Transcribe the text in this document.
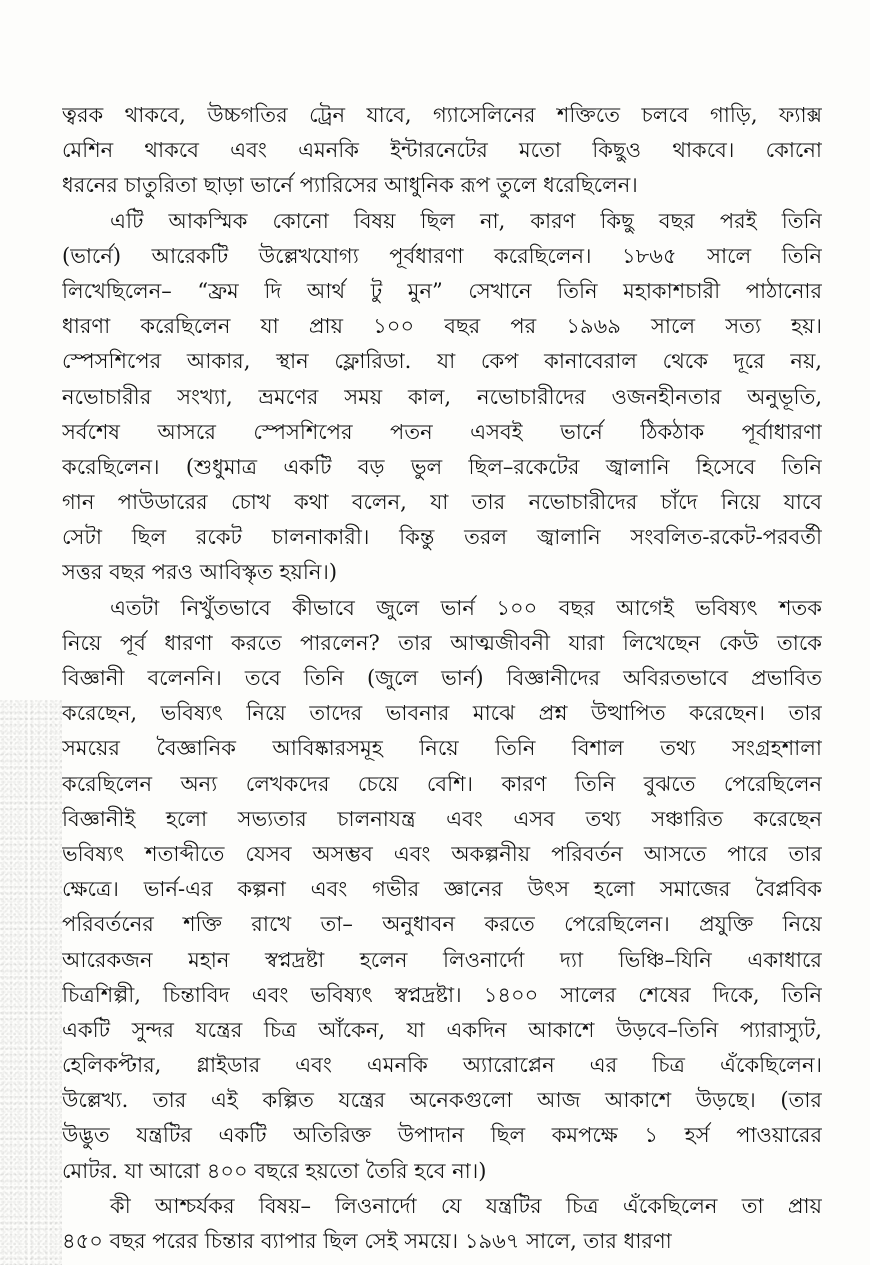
ত্বরক থাকবে, উচ্চগতির ট্রেন যাবে, গ্যাসেলিনের শক্তিতে চলবে গাড়ি, ফ্যাক্স
মেশিন থাকবে এবং এমনকি ইন্টারনেটের মতো কিছুও থাকবে। কোনো
ধরনের চাতুরিতা ছাড়া ভার্নে প্যারিসের আধুনিক রূপ তুলে ধরেছিলেন।
এটি আকস্মিক কোনো বিষয় ছিল না, কারণ কিছু বছর পরই তিনি
(ভার্নে) আরেকটি উল্লেখযোগ্য পূর্বধারণা করেছিলেন। ১৮৬৫ সালে তিনি
লিখেছিলেন– “ফ্রম দি আর্থ টু মুন” সেখানে তিনি মহাকাশচারী পাঠানোর
ধারণা করেছিলেন যা প্রায় ১০০ বছর পর ১৯৬৯ সালে সত্য হয়।
স্পেসশিপের আকার, স্থান ফ্লোরিডা. যা কেপ কানাবেরাল থেকে দূরে নয়,
নভোচারীর সংখ্যা, ভ্রমণের সময় কাল, নভোচারীদের ওজনহীনতার অনুভূতি,
সর্বশেষ আসরে স্পেসশিপের পতন এসবই ভার্নে ঠিকঠাক পূর্বাধারণা
করেছিলেন। (শুধুমাত্র একটি বড় ভুল ছিল–রকেটের জ্বালানি হিসেবে তিনি
গান পাউডারের চোখ কথা বলেন, যা তার নভোচারীদের চাঁদে নিয়ে যাবে
সেটা ছিল রকেট চালনাকারী। কিন্তু তরল জ্বালানি সংবলিত-রকেট-পরবর্তী
সত্তর বছর পরও আবিস্কৃত হয়নি।)
এতটা নিখুঁতভাবে কীভাবে জুলে ভার্ন ১০০ বছর আগেই ভবিষ্যৎ শতক
নিয়ে পূর্ব ধারণা করতে পারলেন? তার আত্মজীবনী যারা লিখেছেন কেউ তাকে
বিজ্ঞানী বলেননি। তবে তিনি (জুলে ভার্ন) বিজ্ঞানীদের অবিরতভাবে প্রভাবিত
করেছেন, ভবিষ্যৎ নিয়ে তাদের ভাবনার মাঝে প্রশ্ন উত্থাপিত করেছেন। তার
সময়ের বৈজ্ঞানিক আবিষ্কারসমূহ নিয়ে তিনি বিশাল তথ্য সংগ্রহশালা
করেছিলেন অন্য লেখকদের চেয়ে বেশি। কারণ তিনি বুঝতে পেরেছিলেন
বিজ্ঞানীই হলো সভ্যতার চালনাযন্ত্র এবং এসব তথ্য সঞ্চারিত করেছেন
ভবিষ্যৎ শতাব্দীতে যেসব অসম্ভব এবং অকল্পনীয় পরিবর্তন আসতে পারে তার
ক্ষেত্রে। ভার্ন-এর কল্পনা এবং গভীর জ্ঞানের উৎস হলো সমাজের বৈপ্লবিক
পরিবর্তনের শক্তি রাখে তা– অনুধাবন করতে পেরেছিলেন। প্রযুক্তি নিয়ে
আরেকজন মহান স্বপ্নদ্রষ্টা হলেন লিওনার্দো দ্যা ভিঞ্চি–যিনি একাধারে
চিত্রশিল্পী, চিন্তাবিদ এবং ভবিষ্যৎ স্বপ্নদ্রষ্টা। ১৪০০ সালের শেষের দিকে, তিনি
একটি সুন্দর যন্ত্রের চিত্র আঁকেন, যা একদিন আকাশে উড়বে–তিনি প্যারাস্যুট,
হেলিকপ্টার, গ্লাইডার এবং এমনকি অ্যারোপ্লেন এর চিত্র এঁকেছিলেন।
উল্লেখ্য. তার এই কল্পিত যন্ত্রের অনেকগুলো আজ আকাশে উড়ছে। (তার
উদ্ভুত যন্ত্রটির একটি অতিরিক্ত উপাদান ছিল কমপক্ষে ১ হর্স পাওয়ারের
মোটর. যা আরো ৪০০ বছরে হয়তো তৈরি হবে না।)
কী আশ্চর্যকর বিষয়– লিওনার্দো যে যন্ত্রটির চিত্র এঁকেছিলেন তা প্রায়
৪৫০ বছর পরের চিন্তার ব্যাপার ছিল সেই সময়ে। ১৯৬৭ সালে, তার ধারণা
